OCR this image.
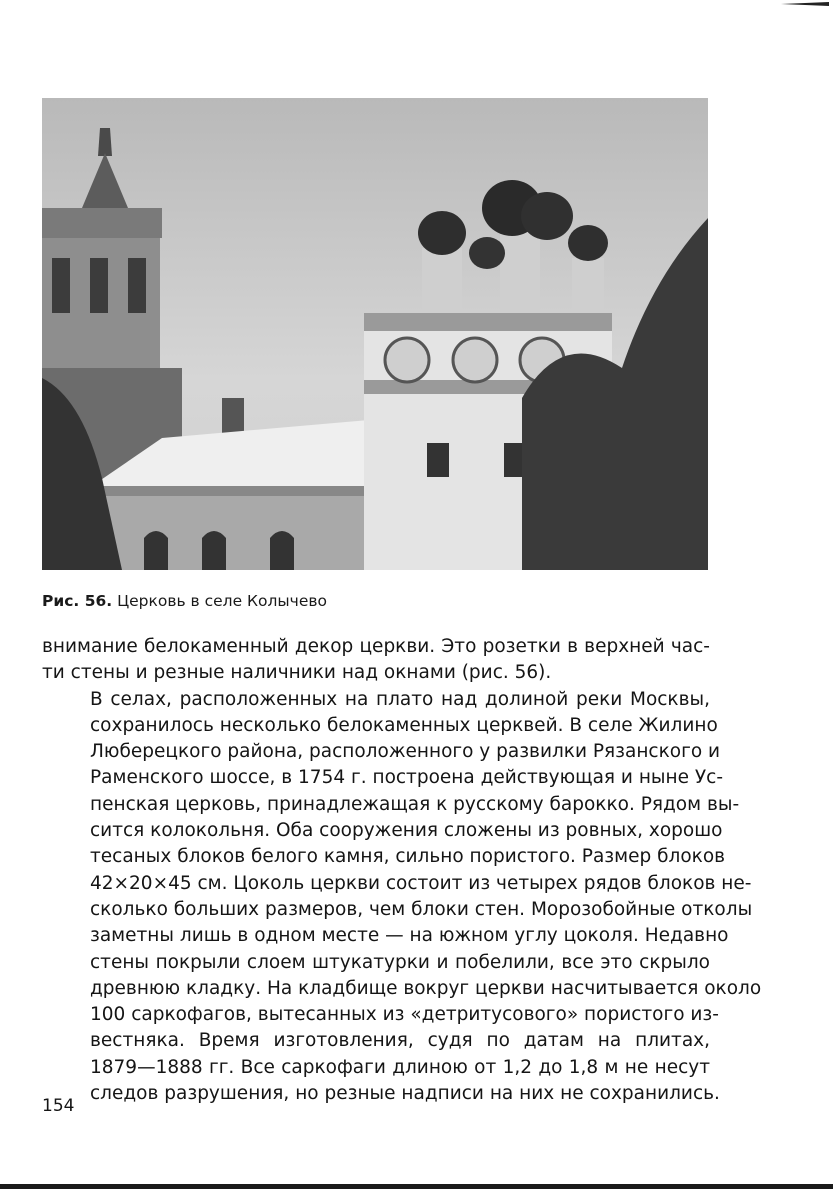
Рис. 56. Церковь в селе Колычево

внимание белокаменный декор церкви. Это розетки в верхней час-
ти стены и резные наличники над окнами (рис. 56).

В селах, расположенных на плато над долиной реки Москвы,
сохранилось несколько белокаменных церквей. В селе Жилино
Люберецкого района, расположенного у развилки Рязанского и
Раменского шоссе, в 1754 г. построена действующая и ныне Ус-
пенская церковь, принадлежащая к русскому барокко. Рядом вы-
сится колокольня. Оба сооружения сложены из ровных, хорошо
тесаных блоков белого камня, сильно пористого. Размер блоков
42×20×45 см. Цоколь церкви состоит из четырех рядов блоков не-
сколько больших размеров, чем блоки стен. Морозобойные отколы
заметны лишь в одном месте — на южном углу цоколя. Недавно
стены покрыли слоем штукатурки и побелили, все это скрыло
древнюю кладку. На кладбище вокруг церкви насчитывается около
100 саркофагов, вытесанных из «детритусового» пористого из-
вестняка. Время изготовления, судя по датам на плитах,
1879—1888 гг. Все саркофаги длиною от 1,2 до 1,8 м не несут
следов разрушения, но резные надписи на них не сохранились.

154
